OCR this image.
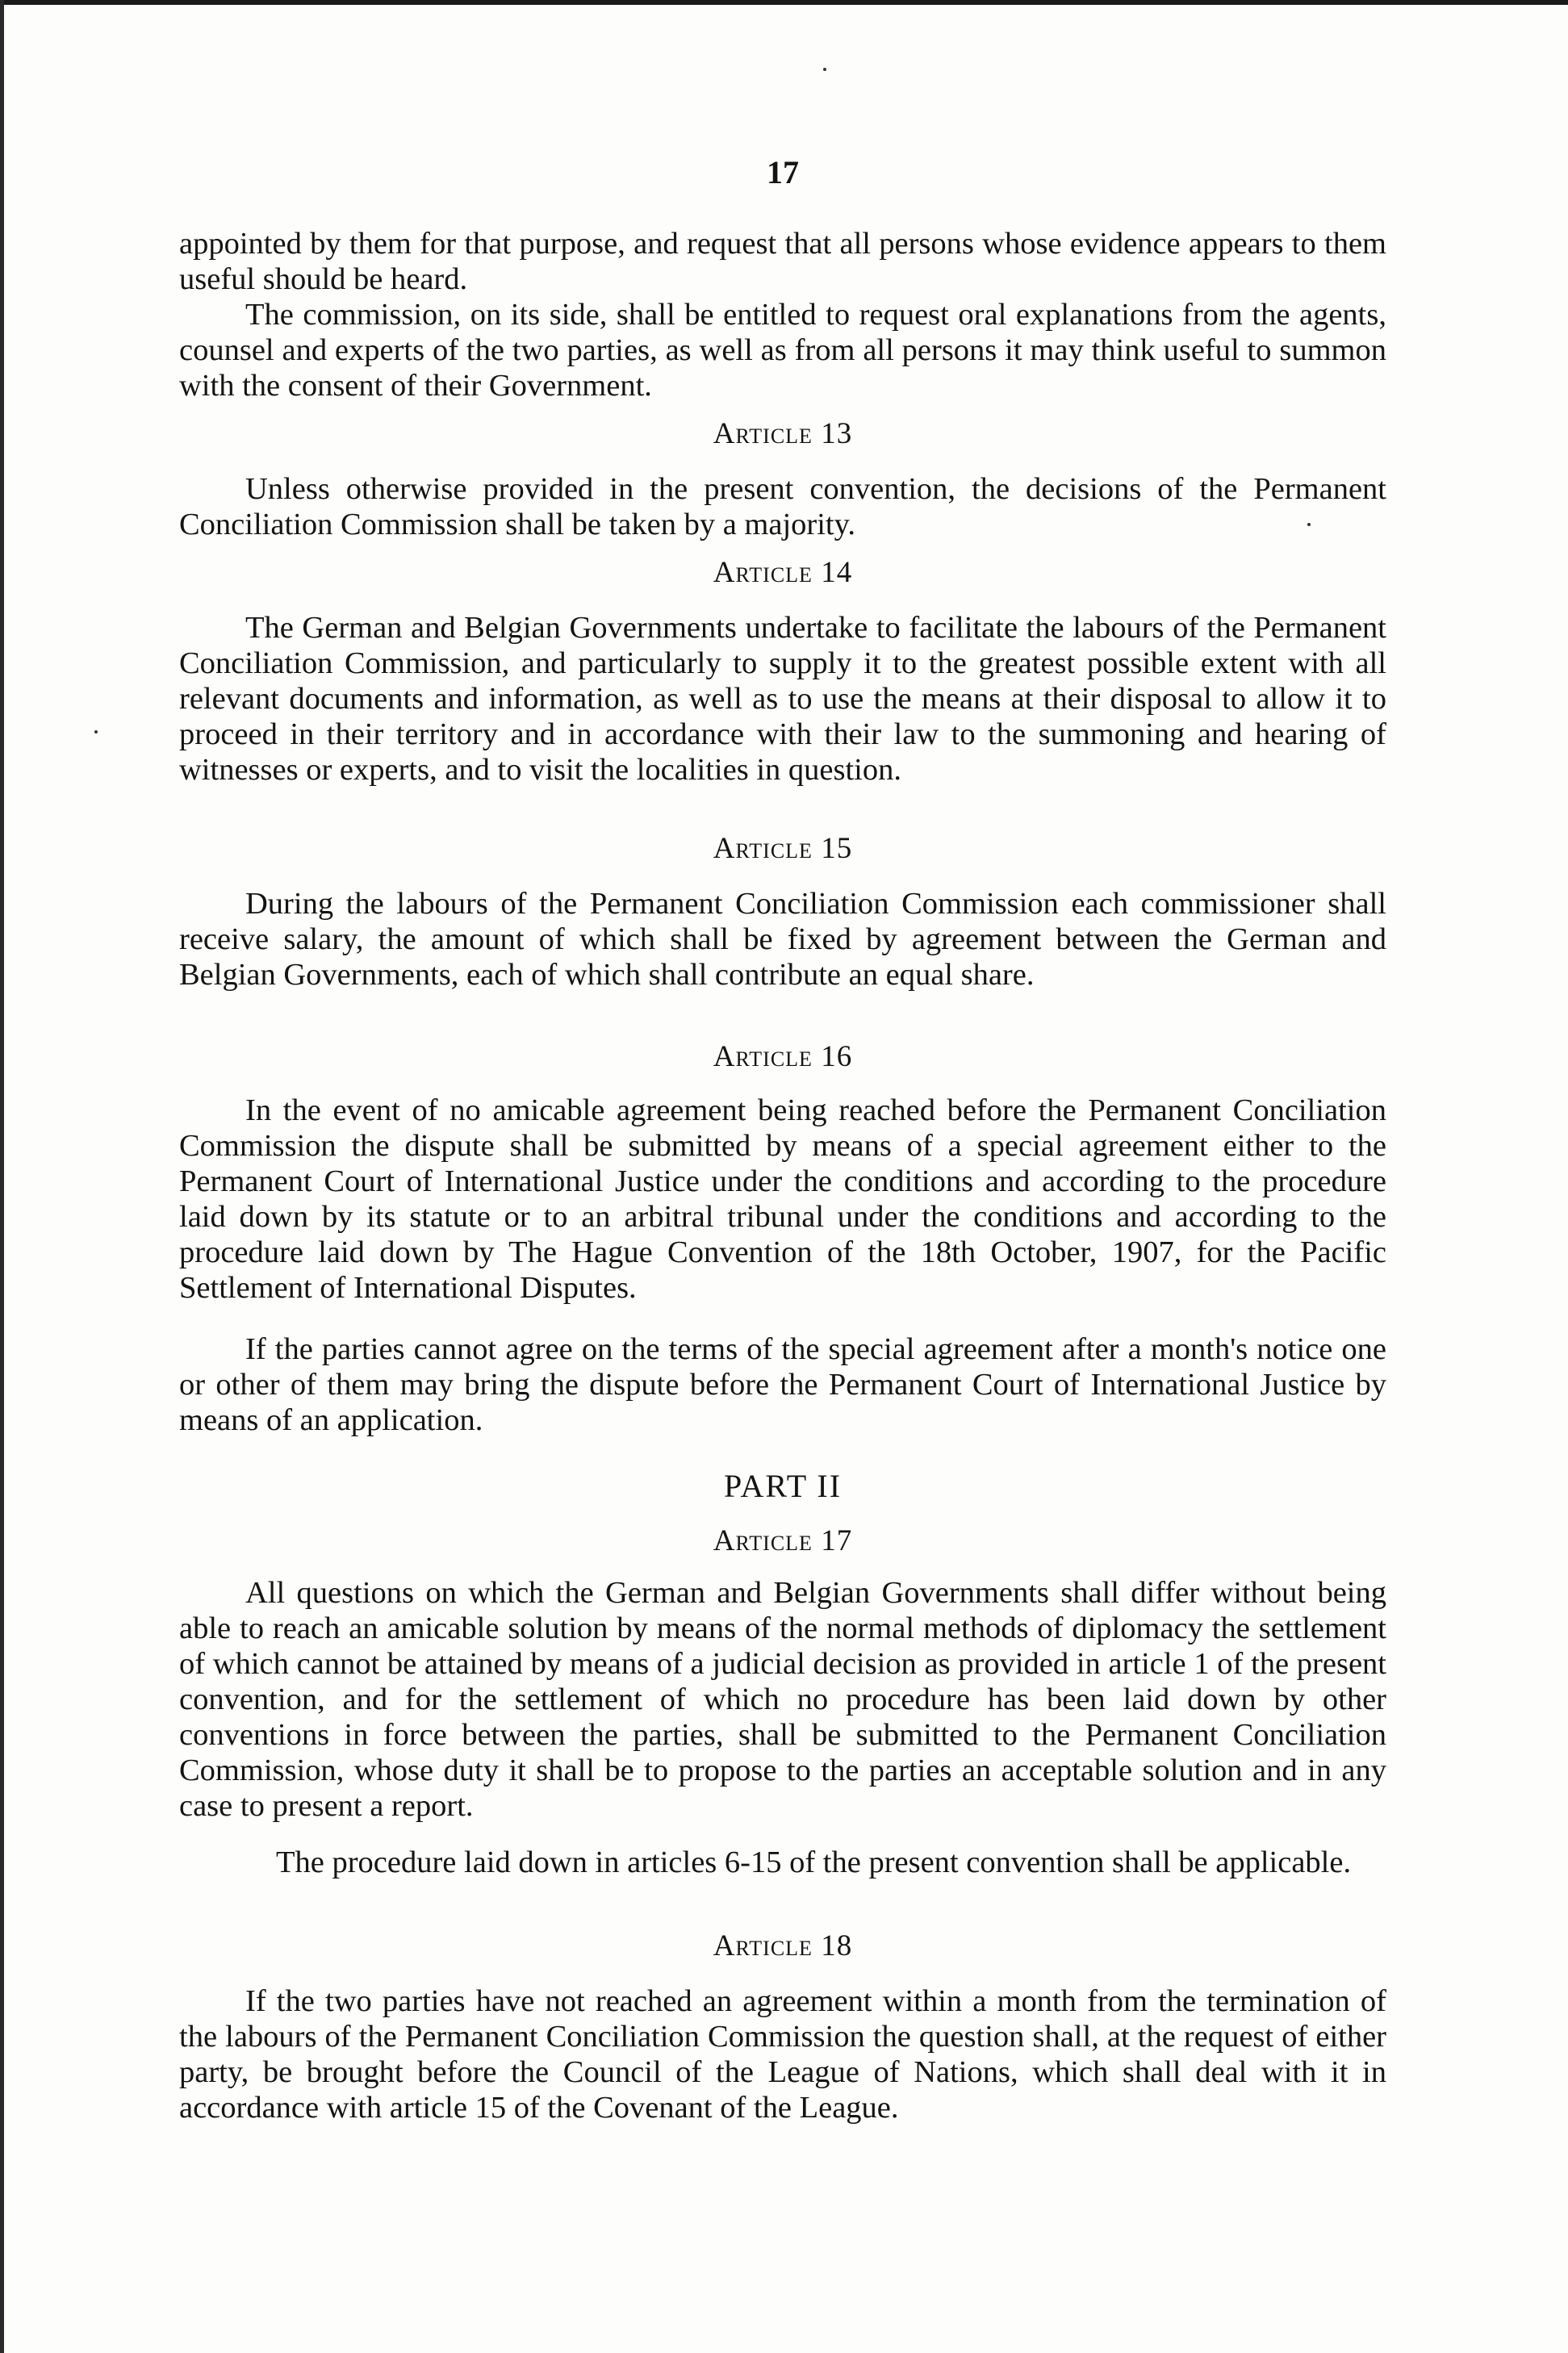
17

appointed by them for that purpose, and request that all persons whose evidence appears to them useful should be heard.

The commission, on its side, shall be entitled to request oral explanations from the agents, counsel and experts of the two parties, as well as from all persons it may think useful to summon with the consent of their Government.

Article 13

Unless otherwise provided in the present convention, the decisions of the Permanent Conciliation Commission shall be taken by a majority.

Article 14

The German and Belgian Governments undertake to facilitate the labours of the Permanent Conciliation Commission, and particularly to supply it to the greatest possible extent with all relevant documents and information, as well as to use the means at their disposal to allow it to proceed in their territory and in accordance with their law to the summoning and hearing of witnesses or experts, and to visit the localities in question.

Article 15

During the labours of the Permanent Conciliation Commission each commissioner shall receive salary, the amount of which shall be fixed by agreement between the German and Belgian Governments, each of which shall contribute an equal share.

Article 16

In the event of no amicable agreement being reached before the Permanent Conciliation Commission the dispute shall be submitted by means of a special agreement either to the Permanent Court of International Justice under the conditions and according to the procedure laid down by its statute or to an arbitral tribunal under the conditions and according to the procedure laid down by The Hague Convention of the 18th October, 1907, for the Pacific Settlement of International Disputes.

If the parties cannot agree on the terms of the special agreement after a month's notice one or other of them may bring the dispute before the Permanent Court of International Justice by means of an application.

PART II

Article 17

All questions on which the German and Belgian Governments shall differ without being able to reach an amicable solution by means of the normal methods of diplomacy the settlement of which cannot be attained by means of a judicial decision as provided in article 1 of the present convention, and for the settlement of which no procedure has been laid down by other conventions in force between the parties, shall be submitted to the Permanent Conciliation Commission, whose duty it shall be to propose to the parties an acceptable solution and in any case to present a report.

The procedure laid down in articles 6-15 of the present convention shall be applicable.

Article 18

If the two parties have not reached an agreement within a month from the termination of the labours of the Permanent Conciliation Commission the question shall, at the request of either party, be brought before the Council of the League of Nations, which shall deal with it in accordance with article 15 of the Covenant of the League.
